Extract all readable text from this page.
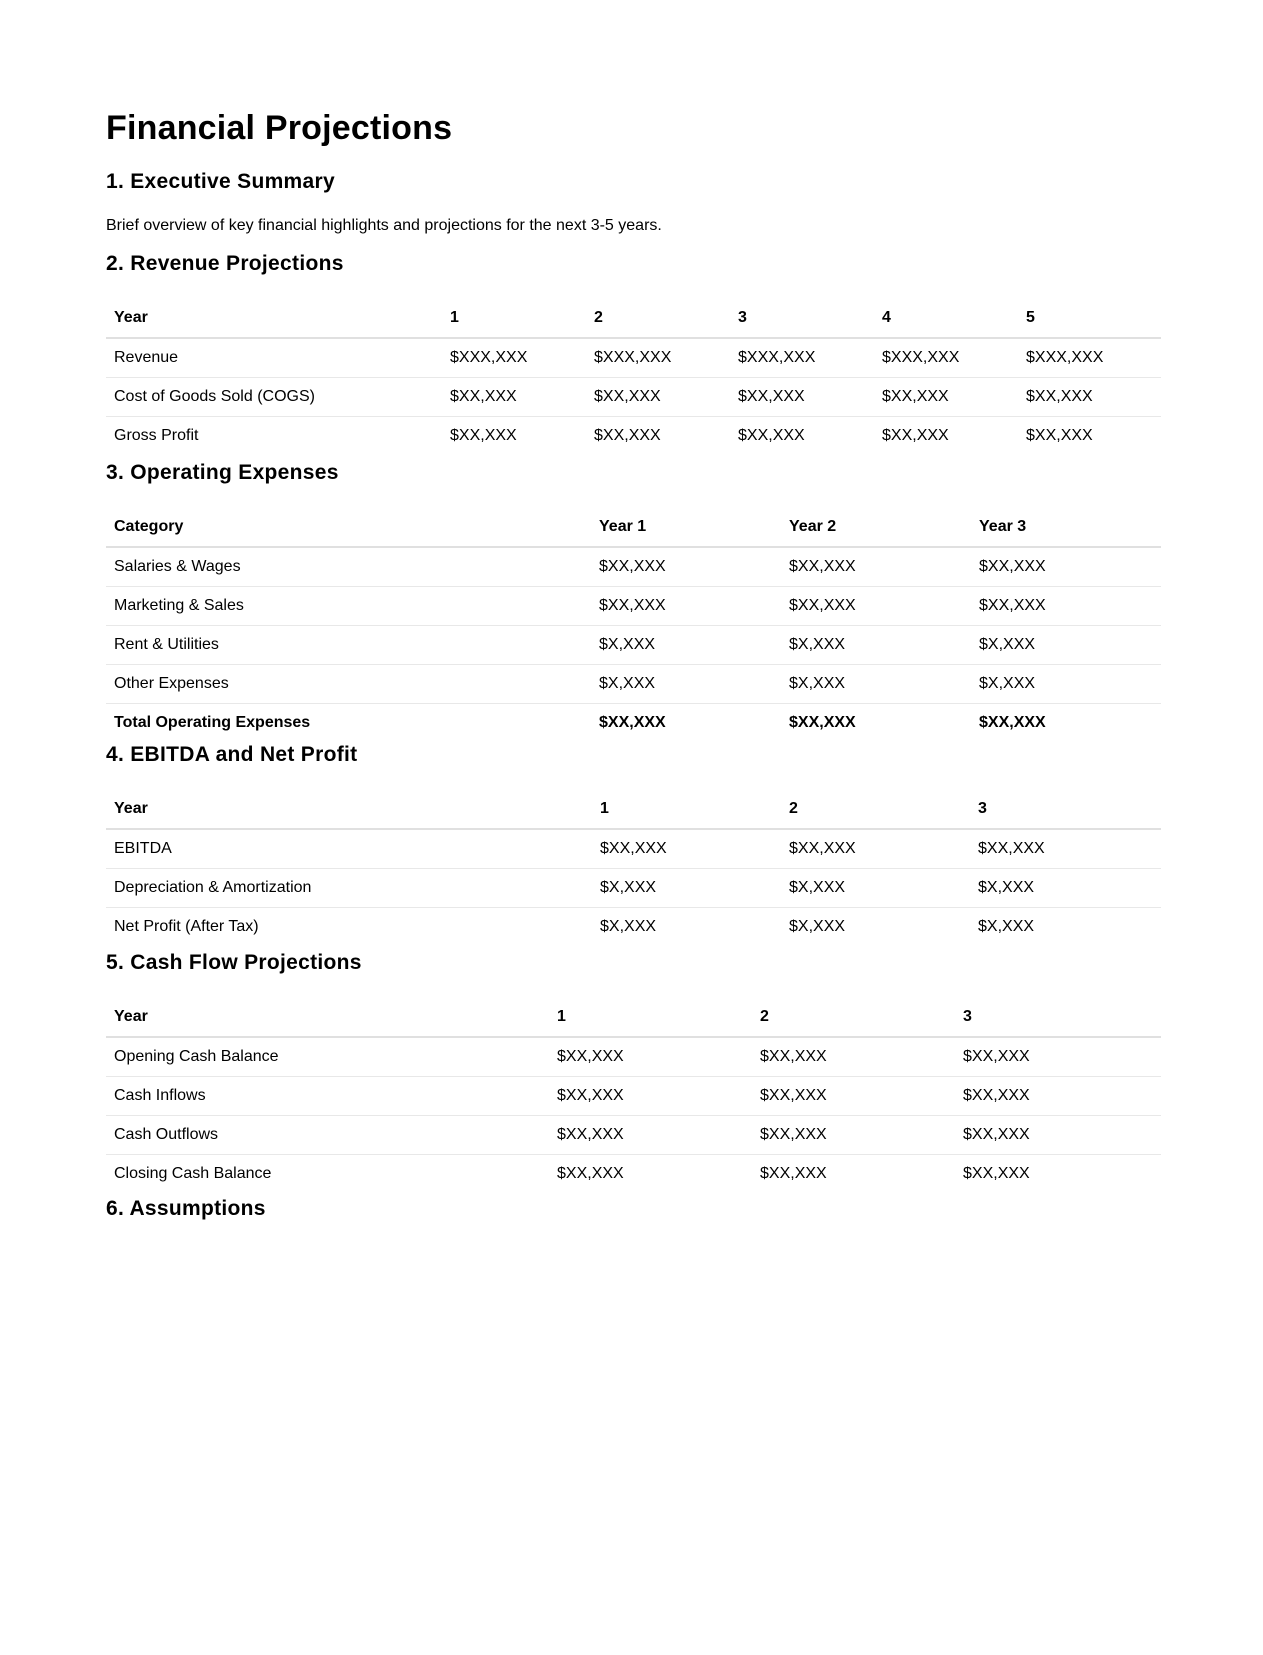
Financial Projections
1. Executive Summary

Brief overview of key financial highlights and projections for the next 3-5 years.

2. Revenue Projections
Year	1	2	3	4	5
Revenue	$XXX,XXX	$XXX,XXX	$XXX,XXX	$XXX,XXX	$XXX,XXX
Cost of Goods Sold (COGS)	$XX,XXX	$XX,XXX	$XX,XXX	$XX,XXX	$XX,XXX
Gross Profit	$XX,XXX	$XX,XXX	$XX,XXX	$XX,XXX	$XX,XXX
3. Operating Expenses
Category	Year 1	Year 2	Year 3
Salaries & Wages	$XX,XXX	$XX,XXX	$XX,XXX
Marketing & Sales	$XX,XXX	$XX,XXX	$XX,XXX
Rent & Utilities	$X,XXX	$X,XXX	$X,XXX
Other Expenses	$X,XXX	$X,XXX	$X,XXX
Total Operating Expenses	$XX,XXX	$XX,XXX	$XX,XXX
4. EBITDA and Net Profit
Year	1	2	3
EBITDA	$XX,XXX	$XX,XXX	$XX,XXX
Depreciation & Amortization	$X,XXX	$X,XXX	$X,XXX
Net Profit (After Tax)	$X,XXX	$X,XXX	$X,XXX
5. Cash Flow Projections
Year	1	2	3
Opening Cash Balance	$XX,XXX	$XX,XXX	$XX,XXX
Cash Inflows	$XX,XXX	$XX,XXX	$XX,XXX
Cash Outflows	$XX,XXX	$XX,XXX	$XX,XXX
Closing Cash Balance	$XX,XXX	$XX,XXX	$XX,XXX
6. Assumptions
